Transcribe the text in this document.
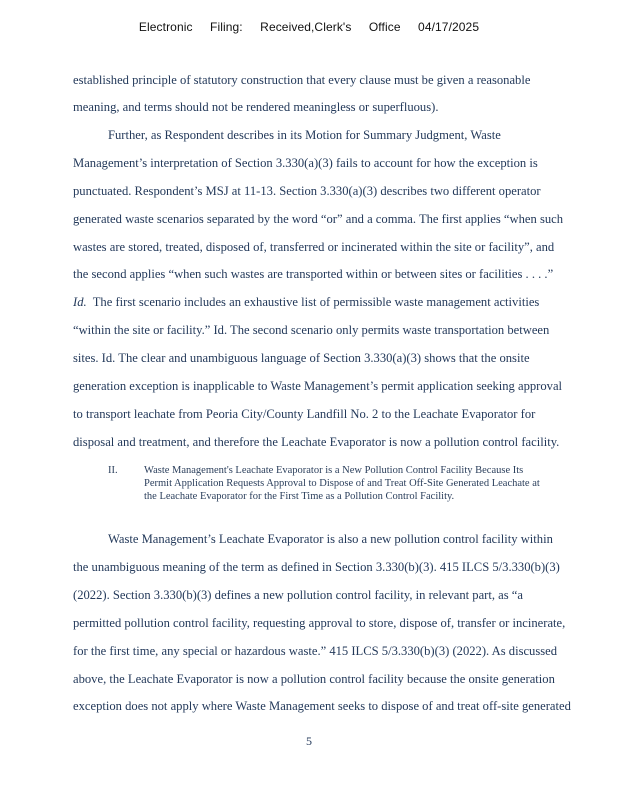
Electronic Filing: Received,Clerk's Office 04/17/2025
established principle of statutory construction that every clause must be given a reasonable
meaning, and terms should not be rendered meaningless or superfluous).
Further, as Respondent describes in its Motion for Summary Judgment, Waste
Management’s interpretation of Section 3.330(a)(3) fails to account for how the exception is
punctuated. Respondent’s MSJ at 11-13. Section 3.330(a)(3) describes two different operator
generated waste scenarios separated by the word “or” and a comma. The first applies “when such
wastes are stored, treated, disposed of, transferred or incinerated within the site or facility”, and
the second applies “when such wastes are transported within or between sites or facilities . . . .”
Id. The first scenario includes an exhaustive list of permissible waste management activities
“within the site or facility.” Id. The second scenario only permits waste transportation between
sites. Id. The clear and unambiguous language of Section 3.330(a)(3) shows that the onsite
generation exception is inapplicable to Waste Management’s permit application seeking approval
to transport leachate from Peoria City/County Landfill No. 2 to the Leachate Evaporator for
disposal and treatment, and therefore the Leachate Evaporator is now a pollution control facility.
II.	Waste Management's Leachate Evaporator is a New Pollution Control Facility Because Its Permit Application Requests Approval to Dispose of and Treat Off-Site Generated Leachate at the Leachate Evaporator for the First Time as a Pollution Control Facility.
Waste Management’s Leachate Evaporator is also a new pollution control facility within
the unambiguous meaning of the term as defined in Section 3.330(b)(3). 415 ILCS 5/3.330(b)(3)
(2022). Section 3.330(b)(3) defines a new pollution control facility, in relevant part, as “a
permitted pollution control facility, requesting approval to store, dispose of, transfer or incinerate,
for the first time, any special or hazardous waste.” 415 ILCS 5/3.330(b)(3) (2022). As discussed
above, the Leachate Evaporator is now a pollution control facility because the onsite generation
exception does not apply where Waste Management seeks to dispose of and treat off-site generated
5
